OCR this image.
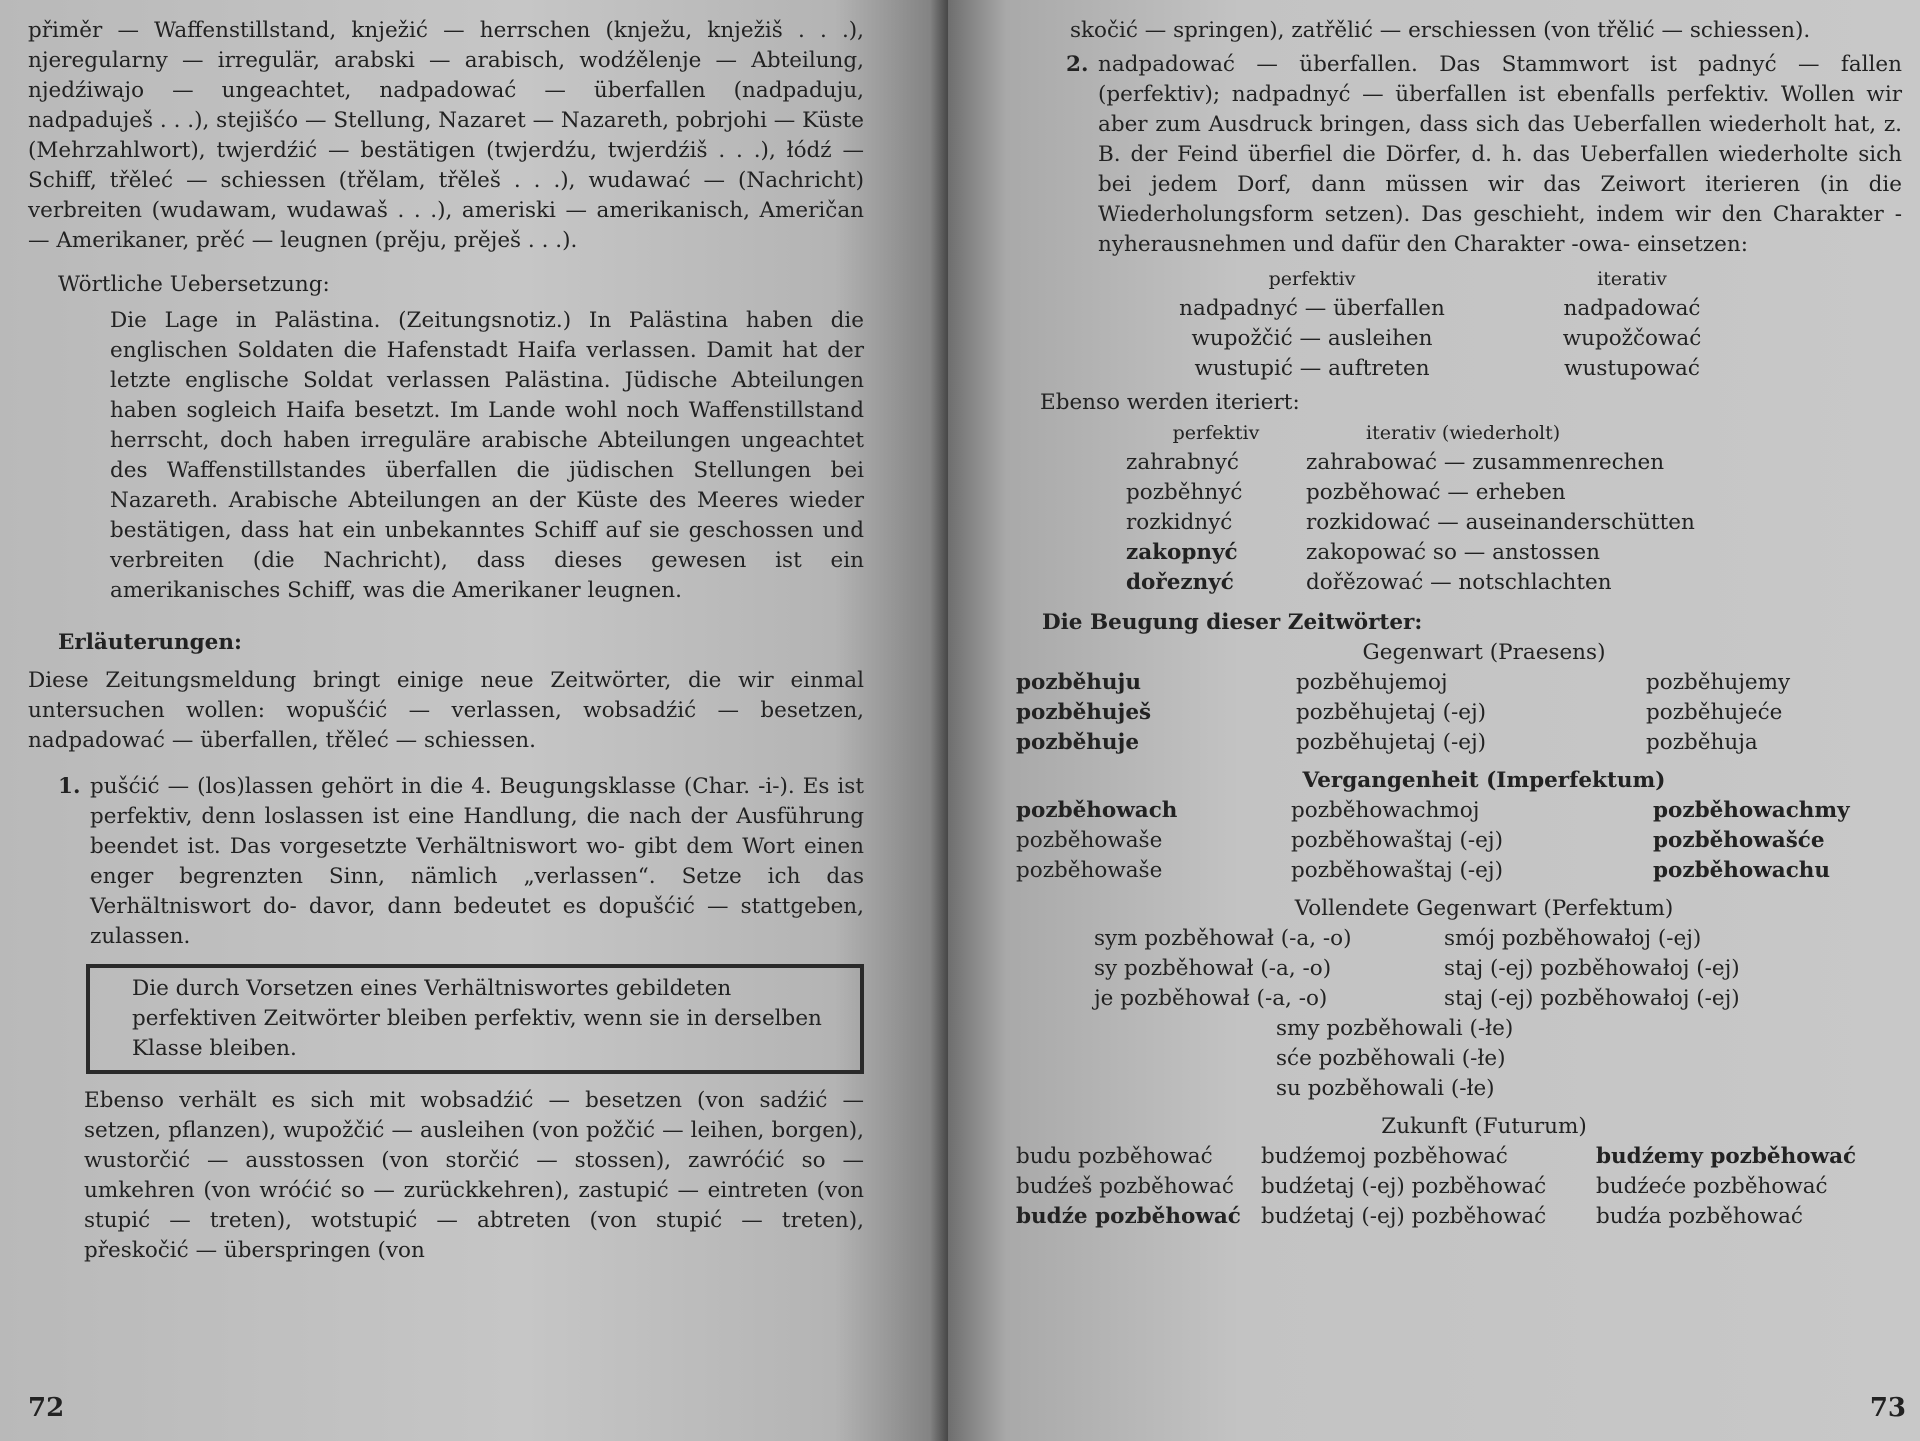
přiměr — Waffenstillstand, knježić — herrschen (knježu, knježiš . . .), njeregularny — irregulär, arabski — arabisch, wodźělenje — Abteilung, njedźiwajo — ungeachtet, nadpadować — überfallen (nadpaduju, nadpaduješ . . .), stejišćo — Stellung, Nazaret — Nazareth, pobrjohi — Küste (Mehrzahlwort), twjerdźić — bestätigen (twjerdźu, twjerdźiš . . .), łódź — Schiff, třěleć — schiessen (třělam, třěleš . . .), wudawać — (Nachricht) verbreiten (wudawam, wudawaš . . .), ameriski — amerikanisch, Američan — Amerikaner, prěć — leugnen (prěju, prěješ . . .).

Wörtliche Uebersetzung:

Die Lage in Palästina. (Zeitungsnotiz.) In Palästina haben die englischen Soldaten die Hafenstadt Haifa verlassen. Damit hat der letzte englische Soldat verlassen Palästina. Jüdische Abteilungen haben sogleich Haifa besetzt. Im Lande wohl noch Waffenstillstand herrscht, doch haben irreguläre arabische Abteilungen ungeachtet des Waffenstillstandes überfallen die jüdischen Stellungen bei Nazareth. Arabische Abteilungen an der Küste des Meeres wieder bestätigen, dass hat ein unbekanntes Schiff auf sie geschossen und verbreiten (die Nachricht), dass dieses gewesen ist ein amerikanisches Schiff, was die Amerikaner leugnen.

Erläuterungen:

Diese Zeitungsmeldung bringt einige neue Zeitwörter, die wir einmal untersuchen wollen: wopušćić — verlassen, wobsadźić — besetzen, nadpadować — überfallen, třěleć — schiessen.

1. pušćić — (los)lassen gehört in die 4. Beugungsklasse (Char. -i-). Es ist perfektiv, denn loslassen ist eine Handlung, die nach der Ausführung beendet ist. Das vorgesetzte Verhältniswort wo- gibt dem Wort einen enger begrenzten Sinn, nämlich „verlassen“. Setze ich das Verhältniswort do- davor, dann bedeutet es dopušćić — stattgeben, zulassen.
Die durch Vorsetzen eines Verhältniswortes gebildeten perfektiven Zeitwörter bleiben perfektiv, wenn sie in derselben Klasse bleiben.

Ebenso verhält es sich mit wobsadźić — besetzen (von sadźić — setzen, pflanzen), wupožčić — ausleihen (von požčić — leihen, borgen), wustorčić — ausstossen (von storčić — stossen), zawróćić so — umkehren (von wróćić so — zurückkehren), zastupić — eintreten (von stupić — treten), wotstupić — abtreten (von stupić — treten), přeskočić — überspringen (von

72

skočić — springen), zatřělić — erschiessen (von třělić — schiessen).

2. nadpadować — überfallen. Das Stammwort ist padnyć — fallen (perfektiv); nadpadnyć — überfallen ist ebenfalls perfektiv. Wollen wir aber zum Ausdruck bringen, dass sich das Ueberfallen wiederholt hat, z. B. der Feind überfiel die Dörfer, d. h. das Ueberfallen wiederholte sich bei jedem Dorf, dann müssen wir das Zeiwort iterieren (in die Wiederholungsform setzen). Das geschieht, indem wir den Charakter -nyherausnehmen und dafür den Charakter -owa- einsetzen:
perfektiv	iterativ
nadpadnyć — überfallen	nadpadować
wupožčić — ausleihen	wupožčować
wustupić — auftreten	wustupować

Ebenso werden iteriert:

perfektiv	iterativ (wiederholt)
zahrabnyć	zahrabować — zusammenrechen
pozběhnyć	pozběhować — erheben
rozkidnyć	rozkidować — auseinanderschütten
zakopnyć	zakopować so — anstossen
dořeznyć	dořězować — notschlachten

Die Beugung dieser Zeitwörter:

Gegenwart (Praesens)
pozběhuju	pozběhujemoj	pozběhujemy
pozběhuješ	pozběhujetaj (-ej)	pozběhujeće
pozběhuje	pozběhujetaj (-ej)	pozběhuja
Vergangenheit (Imperfektum)
pozběhowach	pozběhowachmoj	pozběhowachmy
pozběhowaše	pozběhowaštaj (-ej)	pozběhowašće
pozběhowaše	pozběhowaštaj (-ej)	pozběhowachu
Vollendete Gegenwart (Perfektum)
sym pozběhował (-a, -o)	smój pozběhowałoj (-ej)
sy pozběhował (-a, -o)	staj (-ej) pozběhowałoj (-ej)
je pozběhował (-a, -o)	staj (-ej) pozběhowałoj (-ej)
smy pozběhowali (-łe)
sće pozběhowali (-łe)
su pozběhowali (-łe)
Zukunft (Futurum)
budu pozběhować	budźemoj pozběhować	budźemy pozběhować
budźeš pozběhować	budźetaj (-ej) pozběhować	budźeće pozběhować
budźe pozběhować	budźetaj (-ej) pozběhować	budźa pozběhować
73
